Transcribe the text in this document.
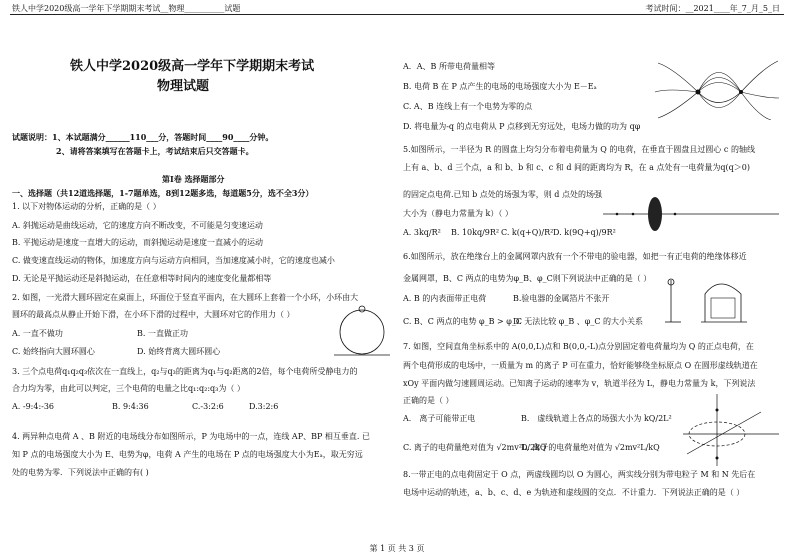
铁人中学2020级高一学年下学期期末考试__物理__________试题	考试时间：__2021____年_7_月_5_日
铁人中学2020级高一学年下学期期末考试
物理试题
试题说明：1、本试题满分______110___分，答题时间____90____分钟。
2、请将答案填写在答题卡上，考试结束后只交答题卡。
第Ⅰ卷 选择题部分
一、选择题（共12道选择题，1-7题单选，8到12题多选，每道题5分，选不全3分）
1. 以下对物体运动的分析，正确的是（ ）
A. 斜抛运动是曲线运动，它的速度方向不断改变，不可能是匀变速运动
B. 平抛运动是速度一直增大的运动，而斜抛运动是速度一直减小的运动
C. 做变速直线运动的物体，加速度方向与运动方向相同，当加速度减小时，它的速度也减小
D. 无论是平抛运动还是斜抛运动，在任意相等时间内的速度变化量都相等
2. 如图，一光滑大圆环固定在桌面上，环面位于竖直平面内，在大圆环上套着一个小环，小环由大
圆环的最高点从静止开始下滑，在小环下滑的过程中，大圆环对它的作用力（ ）
A. 一直不做功	B. 一直做正功
C. 始终指向大圆环圆心	D. 始终背离大圆环圆心
3. 三个点电荷q₁q₂q₃依次在一直线上，q₂与q₃的距离为q₁与q₂距离的2倍，每个电荷所受静电力的
合力均为零，由此可以判定，三个电荷的电量之比q₁:q₂:q₃为（ ）
A. -9:4:-36	B. 9:4:36	C.-3:2:6	D.3:2:6
4. 两异种点电荷 A 、B 附近的电场线分布如图所示，P 为电场中的一点，连线 AP、BP 相互垂直. 已
知 P 点的电场强度大小为 E、电势为φ，电荷 A 产生的电场在 P 点的电场强度大小为Eₐ，取无穷远
处的电势为零．下列说法中正确的有( )
A．A、B 所带电荷量相等
B. 电荷 B 在 P 点产生的电场的电场强度大小为 E－Eₐ
C. A、B 连线上有一个电势为零的点
D. 将电量为-q 的点电荷从 P 点移到无穷远处，电场力做的功为 qφ
5.如图所示，一半径为 R 的圆盘上均匀分布着电荷量为 Q 的电荷，在垂直于圆盘且过圆心 c 的轴线
上有 a、b、d 三个点，a 和 b、b 和 c、c 和 d 间的距离均为 R，在 a 点处有一电荷量为q(q＞0)
的固定点电荷.已知 b 点处的场强为零，则 d 点处的场强
大小为（静电力常量为 k）（ ）
A. 3kq/R² B. 10kq/9R² C. k(q+Q)/R² D. k(9Q+q)/9R²
6.如图所示，放在绝缘台上的金属网罩内放有一个不带电的验电器，如把一有正电荷的绝缘体移近
金属网罩，B、C 两点的电势为φ_B、φ_C则下列说法中正确的是（ ）
A. B 的内表面带正电荷	B.验电器的金属箔片不张开
C. B、C 两点的电势 φ_B > φ_C
D. 无法比较 φ_B 、φ_C 的大小关系
7. 如图，空间直角坐标系中的 A(0,0,L)点和 B(0,0,-L)点分别固定着电荷量均为 Q 的正点电荷，在
两个电荷形成的电场中，一质量为 m 的离子 P 可在重力，恰好能够绕坐标原点 O 在圆形虚线轨道在
xOy 平面内做匀速圆周运动。已知离子运动的速率为 v，轨道半径为 L，静电力常量为 k，下列说法
正确的是（ ）
A． 离子可能带正电	B． 虚线轨道上各点的场强大小为 kQ/2L²
C. 离子的电荷量绝对值为 √2mv²L/2kQ
D. 离子的电荷量绝对值为 √2mv²L/kQ
8.一带正电的点电荷固定于 O 点，两虚线圆均以 O 为圆心，两实线分别为带电粒子 M 和 N 先后在
电场中运动的轨迹，a、b、c、d、e 为轨迹和虚线圆的交点．不计重力．下列说法正确的是（ ）
第 1 页 共 3 页
